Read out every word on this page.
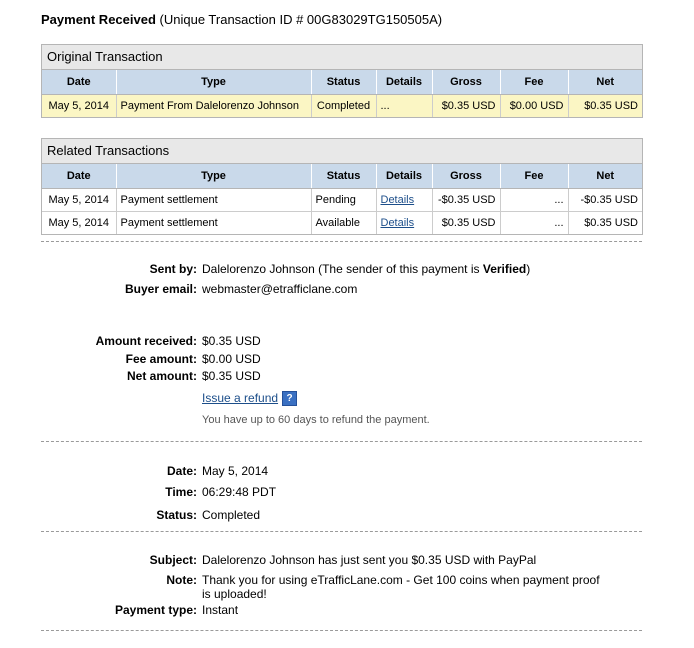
Payment Received (Unique Transaction ID # 00G83029TG150505A)
Original Transaction
Date	Type	Status	Details	Gross	Fee	Net
May 5, 2014	Payment From Dalelorenzo Johnson	Completed	...	$0.35 USD	$0.00 USD	$0.35 USD
Related Transactions
Date	Type	Status	Details	Gross	Fee	Net
May 5, 2014	Payment settlement	Pending	Details	-$0.35 USD	...	-$0.35 USD
May 5, 2014	Payment settlement	Available	Details	$0.35 USD	...	$0.35 USD
Sent by: Dalelorenzo Johnson (The sender of this payment is Verified)
Buyer email: webmaster@etrafficlane.com
Amount received: $0.35 USD
Fee amount: $0.00 USD
Net amount: $0.35 USD
Issue a refund ?
You have up to 60 days to refund the payment.
Date: May 5, 2014
Time: 06:29:48 PDT
Status: Completed
Subject: Dalelorenzo Johnson has just sent you $0.35 USD with PayPal
Note: Thank you for using eTrafficLane.com - Get 100 coins when payment proof
is uploaded!
Payment type: Instant
